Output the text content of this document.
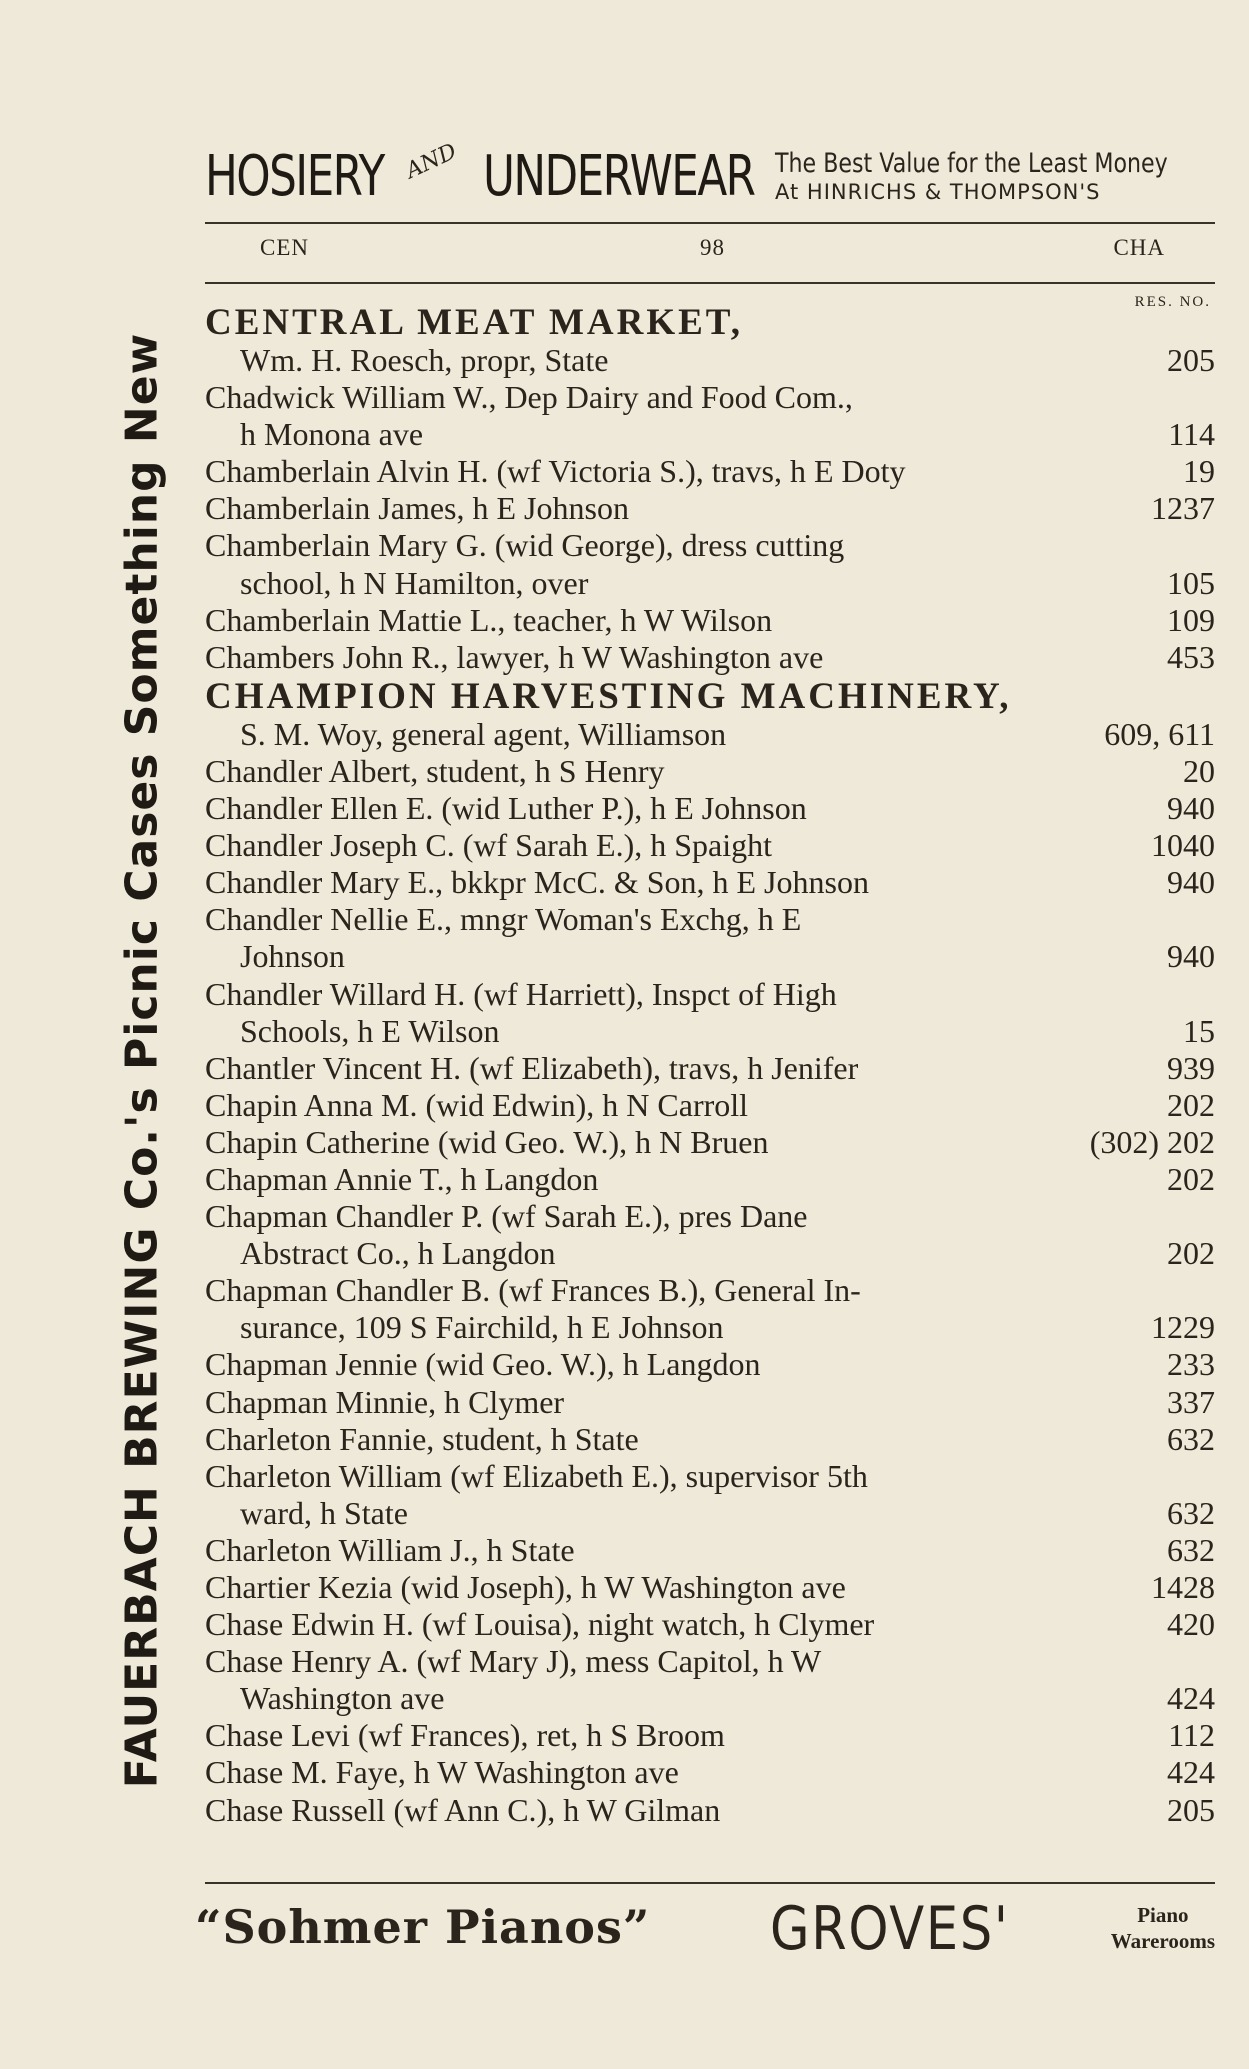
FAUERBACH BREWING Co.'s Picnic Cases Something New
HOSIERY AND UNDERWEAR The Best Value for the Least Money
At HINRICHS & THOMPSON'S
CEN	98	CHA
RES. NO.
CENTRAL MEAT MARKET,
Wm. H. Roesch, propr, State	205
Chadwick William W., Dep Dairy and Food Com.,
h Monona ave	114
Chamberlain Alvin H. (wf Victoria S.), travs, h E Doty	19
Chamberlain James, h E Johnson	1237
Chamberlain Mary G. (wid George), dress cutting
school, h N Hamilton, over	105
Chamberlain Mattie L., teacher, h W Wilson	109
Chambers John R., lawyer, h W Washington ave	453
CHAMPION HARVESTING MACHINERY,
S. M. Woy, general agent, Williamson	609, 611
Chandler Albert, student, h S Henry	20
Chandler Ellen E. (wid Luther P.), h E Johnson	940
Chandler Joseph C. (wf Sarah E.), h Spaight	1040
Chandler Mary E., bkkpr McC. & Son, h E Johnson	940
Chandler Nellie E., mngr Woman's Exchg, h E
Johnson	940
Chandler Willard H. (wf Harriett), Inspct of High
Schools, h E Wilson	15
Chantler Vincent H. (wf Elizabeth), travs, h Jenifer	939
Chapin Anna M. (wid Edwin), h N Carroll	202
Chapin Catherine (wid Geo. W.), h N Bruen	(302) 202
Chapman Annie T., h Langdon	202
Chapman Chandler P. (wf Sarah E.), pres Dane
Abstract Co., h Langdon	202
Chapman Chandler B. (wf Frances B.), General In-
surance, 109 S Fairchild, h E Johnson	1229
Chapman Jennie (wid Geo. W.), h Langdon	233
Chapman Minnie, h Clymer	337
Charleton Fannie, student, h State	632
Charleton William (wf Elizabeth E.), supervisor 5th
ward, h State	632
Charleton William J., h State	632
Chartier Kezia (wid Joseph), h W Washington ave	1428
Chase Edwin H. (wf Louisa), night watch, h Clymer	420
Chase Henry A. (wf Mary J), mess Capitol, h W
Washington ave	424
Chase Levi (wf Frances), ret, h S Broom	112
Chase M. Faye, h W Washington ave	424
Chase Russell (wf Ann C.), h W Gilman	205
“Sohmer Pianos” GROVES'	Piano
Warerooms
